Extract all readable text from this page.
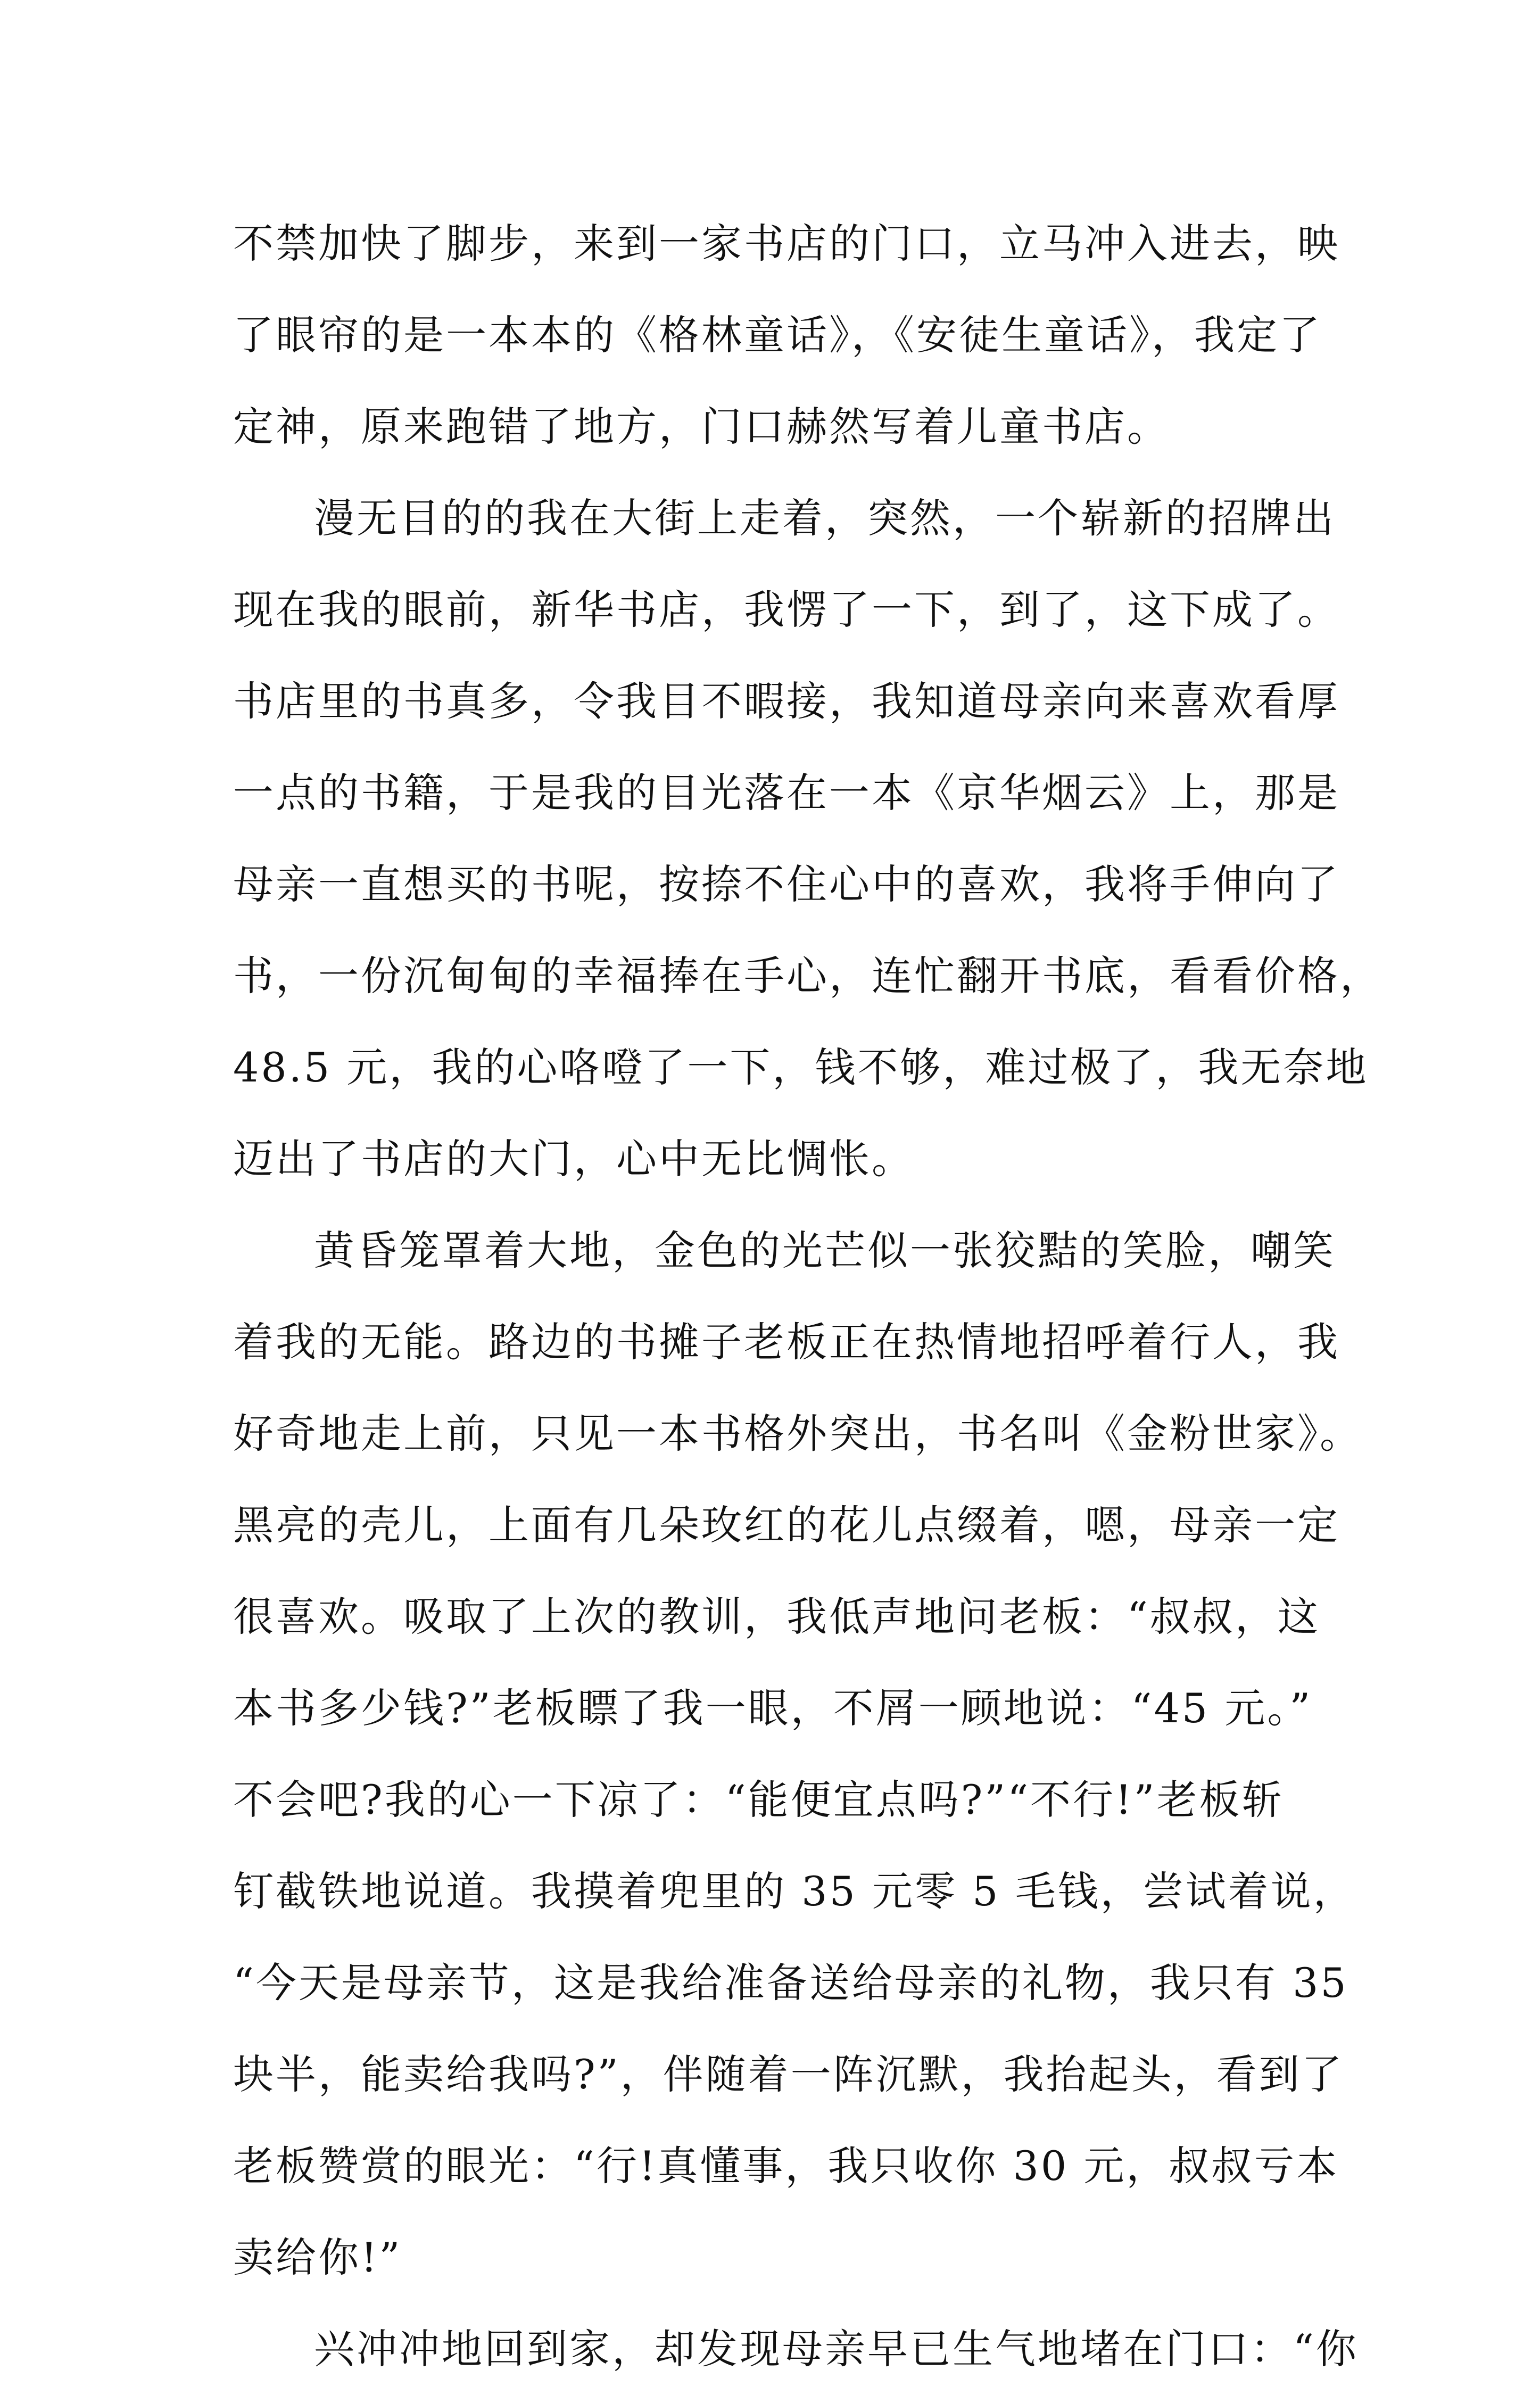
不禁加快了脚步，来到一家书店的门口，立马冲入进去，映
了眼帘的是一本本的《格林童话》，《安徒生童话》，我定了
定神，原来跑错了地方，门口赫然写着儿童书店。
漫无目的的我在大街上走着，突然，一个崭新的招牌出
现在我的眼前，新华书店，我愣了一下，到了，这下成了。
书店里的书真多，令我目不暇接，我知道母亲向来喜欢看厚
一点的书籍，于是我的目光落在一本《京华烟云》上，那是
母亲一直想买的书呢，按捺不住心中的喜欢，我将手伸向了
书，一份沉甸甸的幸福捧在手心，连忙翻开书底，看看价格，
48.5 元，我的心咯噔了一下，钱不够，难过极了，我无奈地
迈出了书店的大门，心中无比惆怅。
黄昏笼罩着大地，金色的光芒似一张狡黠的笑脸，嘲笑
着我的无能。路边的书摊子老板正在热情地招呼着行人，我
好奇地走上前，只见一本书格外突出，书名叫《金粉世家》。
黑亮的壳儿，上面有几朵玫红的花儿点缀着，嗯，母亲一定
很喜欢。吸取了上次的教训，我低声地问老板：“叔叔，这
本书多少钱?”老板瞟了我一眼，不屑一顾地说：“45 元。”
不会吧?我的心一下凉了：“能便宜点吗?”“不行!”老板斩
钉截铁地说道。我摸着兜里的 35 元零 5 毛钱，尝试着说，
“今天是母亲节，这是我给准备送给母亲的礼物，我只有 35
块半，能卖给我吗?”，伴随着一阵沉默，我抬起头，看到了
老板赞赏的眼光：“行!真懂事，我只收你 30 元，叔叔亏本
卖给你!”
兴冲冲地回到家，却发现母亲早已生气地堵在门口：“你
